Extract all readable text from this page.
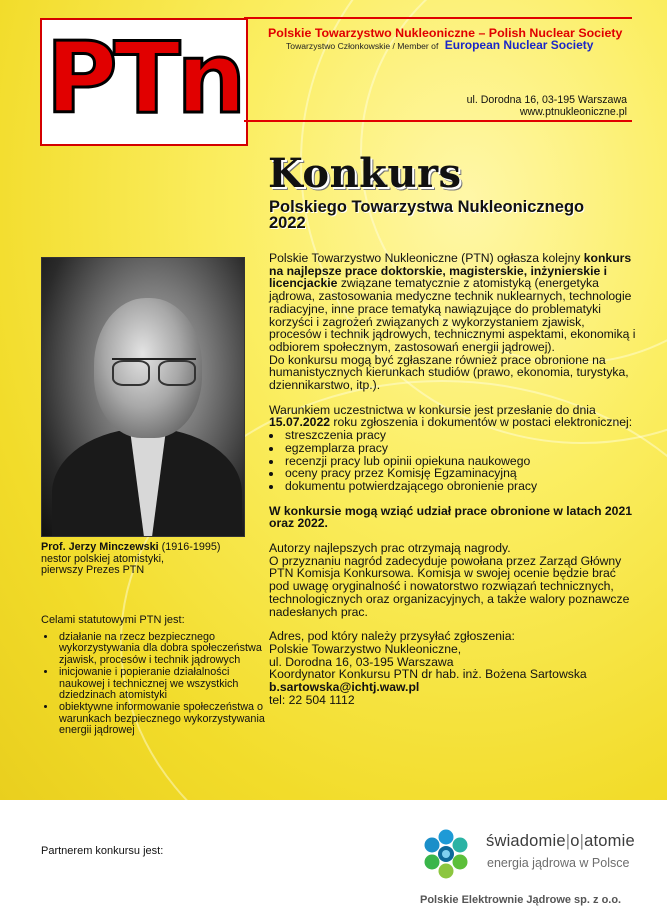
PTn	Polskie Towarzystwo Nukleoniczne – Polish Nuclear Society
Towarzystwo Członkowskie / Member of European Nuclear Society
ul. Dorodna 16, 03-195 Warszawa
www.ptnukleoniczne.pl
Konkurs
Polskiego Towarzystwa Nukleonicznego
2022
Prof. Jerzy Minczewski (1916-1995)
nestor polskiej atomistyki,
pierwszy Prezes PTN
Celami statutowymi PTN jest:
• działanie na rzecz bezpiecznego wykorzystywania dla dobra społeczeństwa zjawisk, procesów i technik jądrowych
• inicjowanie i popieranie działalności naukowej i technicznej we wszystkich dziedzinach atomistyki
• obiektywne informowanie społeczeństwa o warunkach bezpiecznego wykorzystywania energii jądrowej

Polskie Towarzystwo Nukleoniczne (PTN) ogłasza kolejny konkurs na najlepsze prace doktorskie, magisterskie, inżynierskie i licencjackie związane tematycznie z atomistyką (energetyka jądrowa, zastosowania medyczne technik nuklearnych, technologie radiacyjne, inne prace tematyką nawiązujące do problematyki korzyści i zagrożeń związanych z wykorzystaniem zjawisk, procesów i technik jądrowych, technicznymi aspektami, ekonomiką i odbiorem społecznym, zastosowań energii jądrowej).

Do konkursu mogą być zgłaszane również prace obronione na humanistycznych kierunkach studiów (prawo, ekonomia, turystyka, dziennikarstwo, itp.).

Warunkiem uczestnictwa w konkursie jest przesłanie do dnia 15.07.2022 roku zgłoszenia i dokumentów w postaci elektronicznej:

• streszczenia pracy
• egzemplarza pracy
• recenzji pracy lub opinii opiekuna naukowego
• oceny pracy przez Komisję Egzaminacyjną
• dokumentu potwierdzającego obronienie pracy

W konkursie mogą wziąć udział prace obronione w latach 2021 oraz 2022.

Autorzy najlepszych prac otrzymają nagrody.

O przyznaniu nagród zadecyduje powołana przez Zarząd Główny PTN Komisja Konkursowa. Komisja w swojej ocenie będzie brać pod uwagę oryginalność i nowatorstwo rozwiązań technicznych, technologicznych oraz organizacyjnych, a także walory poznawcze nadesłanych prac.

Adres, pod który należy przysyłać zgłoszenia:

Polskie Towarzystwo Nukleoniczne,

ul. Dorodna 16, 03-195 Warszawa

Koordynator Konkursu PTN dr hab. inż. Bożena Sartowska

b.sartowska@ichtj.waw.pl

tel: 22 504 1112

Partnerem konkursu jest:
świadomie|o|atomie
energia jądrowa w Polsce
Polskie Elektrownie Jądrowe sp. z o.o.
